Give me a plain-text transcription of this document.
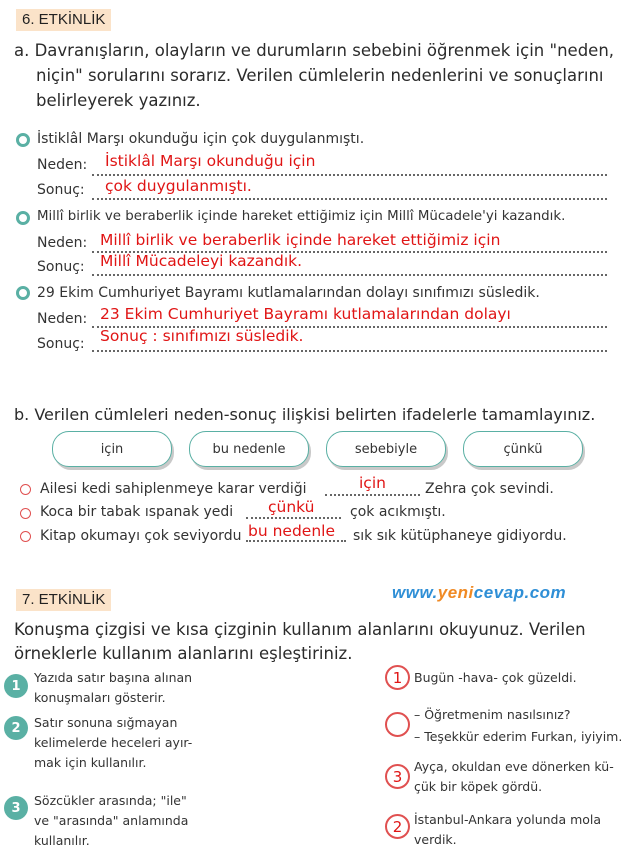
6. ETKİNLİK
a. Davranışların, olayların ve durumların sebebini öğrenmek için "neden,
niçin" sorularını sorarız. Verilen cümlelerin nedenlerini ve sonuçlarını
belirleyerek yazınız.
İstiklâl Marşı okunduğu için çok duygulanmıştı.
Neden: İstiklâl Marşı okunduğu için
Sonuç: çok duygulanmıştı.
Millî birlik ve beraberlik içinde hareket ettiğimiz için Millî Mücadele'yi kazandık.
Neden: Millî birlik ve beraberlik içinde hareket ettiğimiz için
Sonuç: Millî Mücadeleyi kazandık.
29 Ekim Cumhuriyet Bayramı kutlamalarından dolayı sınıfımızı süsledik.
Neden: 23 Ekim Cumhuriyet Bayramı kutlamalarından dolayı
Sonuç: Sonuç : sınıfımızı süsledik.
b. Verilen cümleleri neden-sonuç ilişkisi belirten ifadelerle tamamlayınız.
için	bu nedenle	sebebiyle	çünkü
Ailesi kedi sahiplenmeye karar verdiği	için	Zehra çok sevindi.
Koca bir tabak ıspanak yedi çünkü	çok acıkmıştı.
Kitap okumayı çok seviyordu bu nedenle sık sık kütüphaneye gidiyordu.
7. ETKİNLİK	www.yenicevap.com
Konuşma çizgisi ve kısa çizginin kullanım alanlarını okuyunuz. Verilen
örneklerle kullanım alanlarını eşleştiriniz.
1
Yazıda satır başına alınan
konuşmaları gösterir.
2	Satır sonuna sığmayan
kelimelerde heceleri ayır-
mak için kullanılır.
3	Sözcükler arasında; "ile"
ve "arasında" anlamında
kullanılır.
1 Bugün -hava- çok güzeldi.
– Öğretmenim nasılsınız?
– Teşekkür ederim Furkan, iyiyim.
3
Ayça, okuldan eve dönerken kü-
çük bir köpek gördü.
2 İstanbul-Ankara yolunda mola
verdik.
